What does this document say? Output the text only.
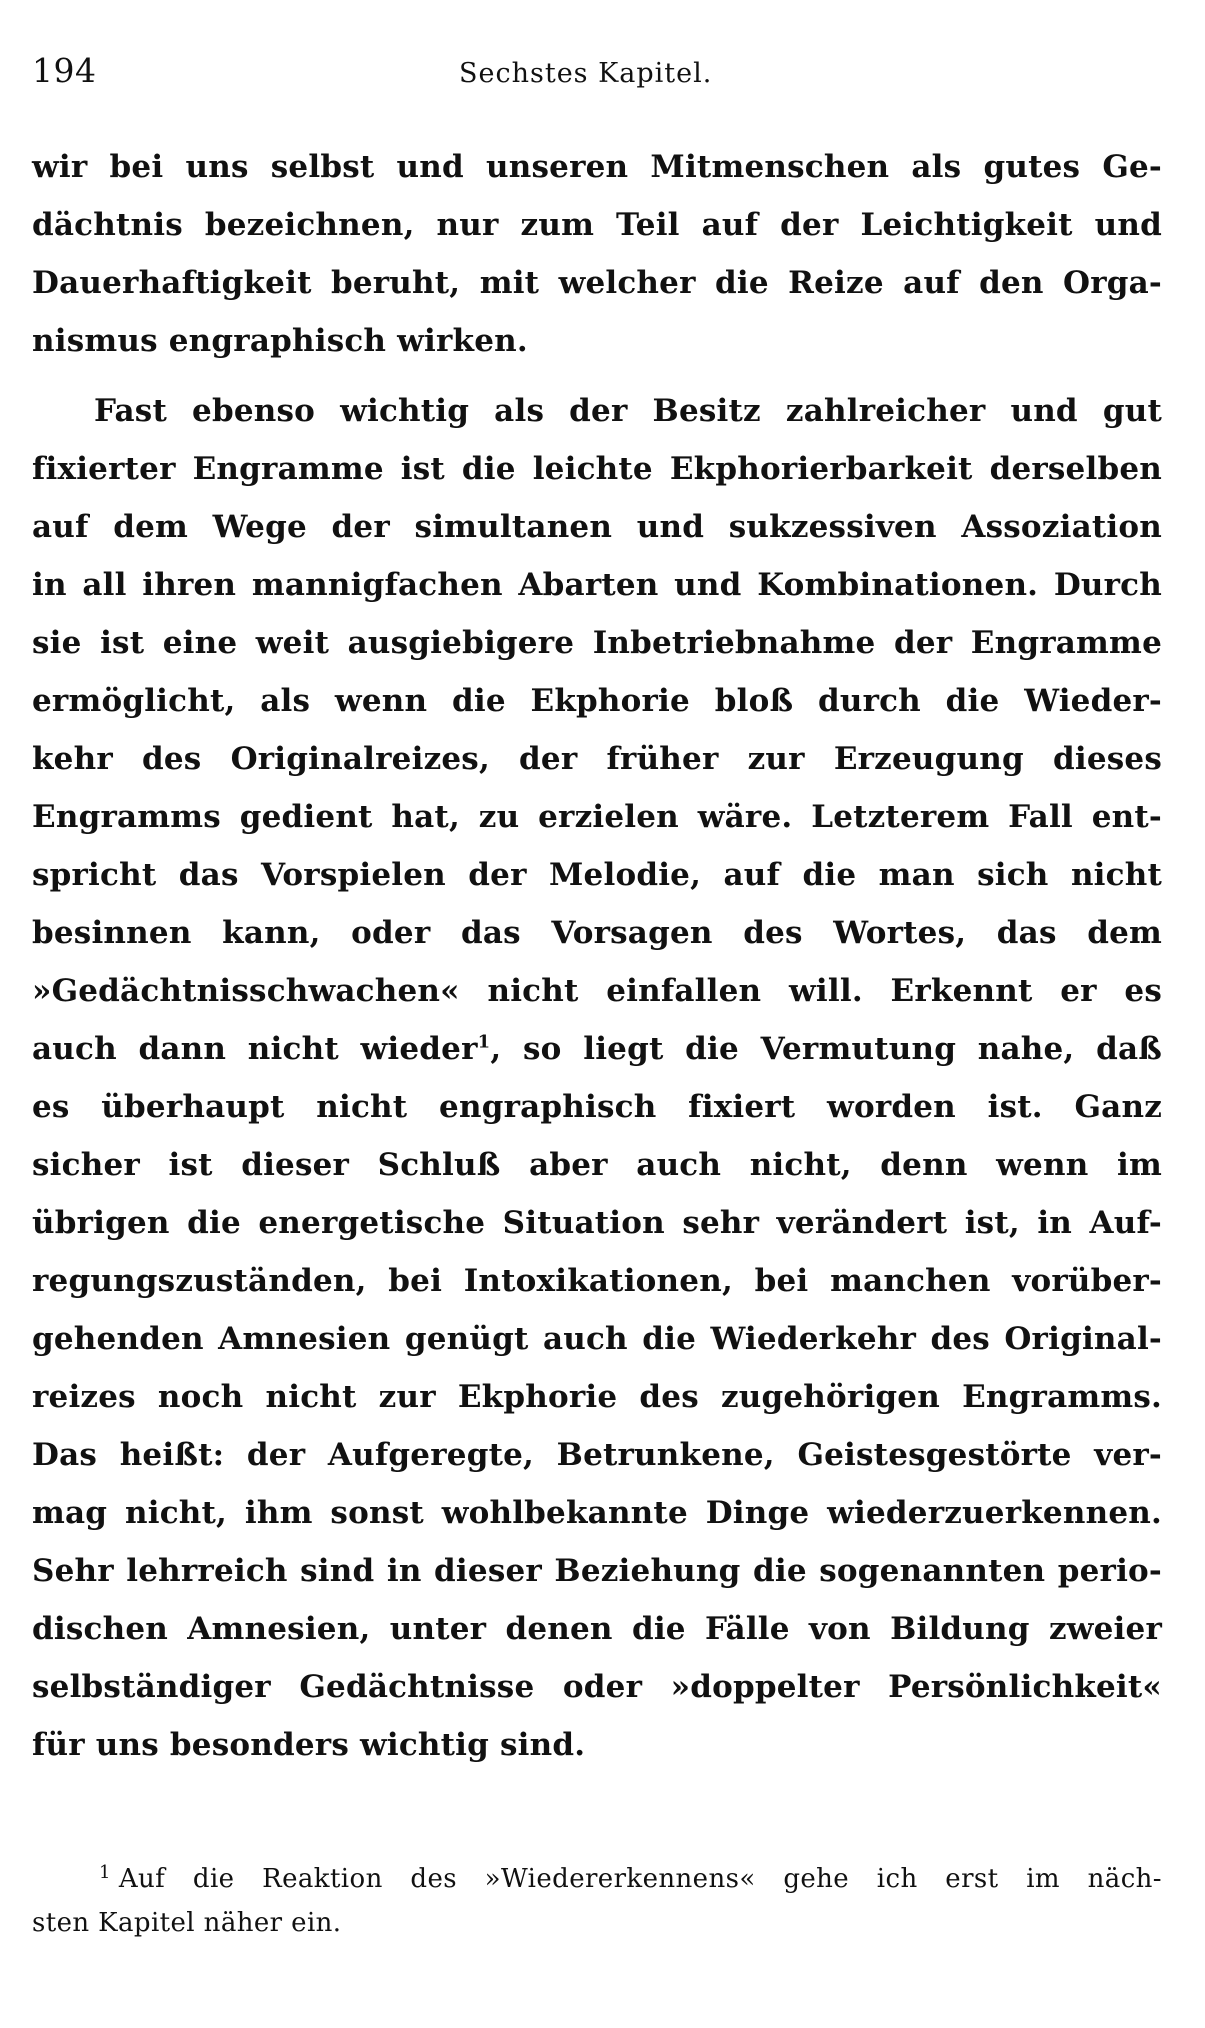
194	Sechstes Kapitel.
wir bei uns selbst und unseren Mitmenschen als gutes Ge-
dächtnis bezeichnen, nur zum Teil auf der Leichtigkeit und
Dauerhaftigkeit beruht, mit welcher die Reize auf den Orga-
nismus engraphisch wirken.
Fast ebenso wichtig als der Besitz zahlreicher und gut
fixierter Engramme ist die leichte Ekphorierbarkeit derselben
auf dem Wege der simultanen und sukzessiven Assoziation
in all ihren mannigfachen Abarten und Kombinationen. Durch
sie ist eine weit ausgiebigere Inbetriebnahme der Engramme
ermöglicht, als wenn die Ekphorie bloß durch die Wieder-
kehr des Originalreizes, der früher zur Erzeugung dieses
Engramms gedient hat, zu erzielen wäre. Letzterem Fall ent-
spricht das Vorspielen der Melodie, auf die man sich nicht
besinnen kann, oder das Vorsagen des Wortes, das dem
»Gedächtnisschwachen« nicht einfallen will. Erkennt er es
auch dann nicht wieder$^1$, so liegt die Vermutung nahe, daß
es überhaupt nicht engraphisch fixiert worden ist. Ganz
sicher ist dieser Schluß aber auch nicht, denn wenn im
übrigen die energetische Situation sehr verändert ist, in Auf-
regungszuständen, bei Intoxikationen, bei manchen vorüber-
gehenden Amnesien genügt auch die Wiederkehr des Original-
reizes noch nicht zur Ekphorie des zugehörigen Engramms.
Das heißt: der Aufgeregte, Betrunkene, Geistesgestörte ver-
mag nicht, ihm sonst wohlbekannte Dinge wiederzuerkennen.
Sehr lehrreich sind in dieser Beziehung die sogenannten perio-
dischen Amnesien, unter denen die Fälle von Bildung zweier
selbständiger Gedächtnisse oder »doppelter Persönlichkeit«
für uns besonders wichtig sind.
$^1$ Auf die Reaktion des »Wiedererkennens« gehe ich erst im näch-
sten Kapitel näher ein.
